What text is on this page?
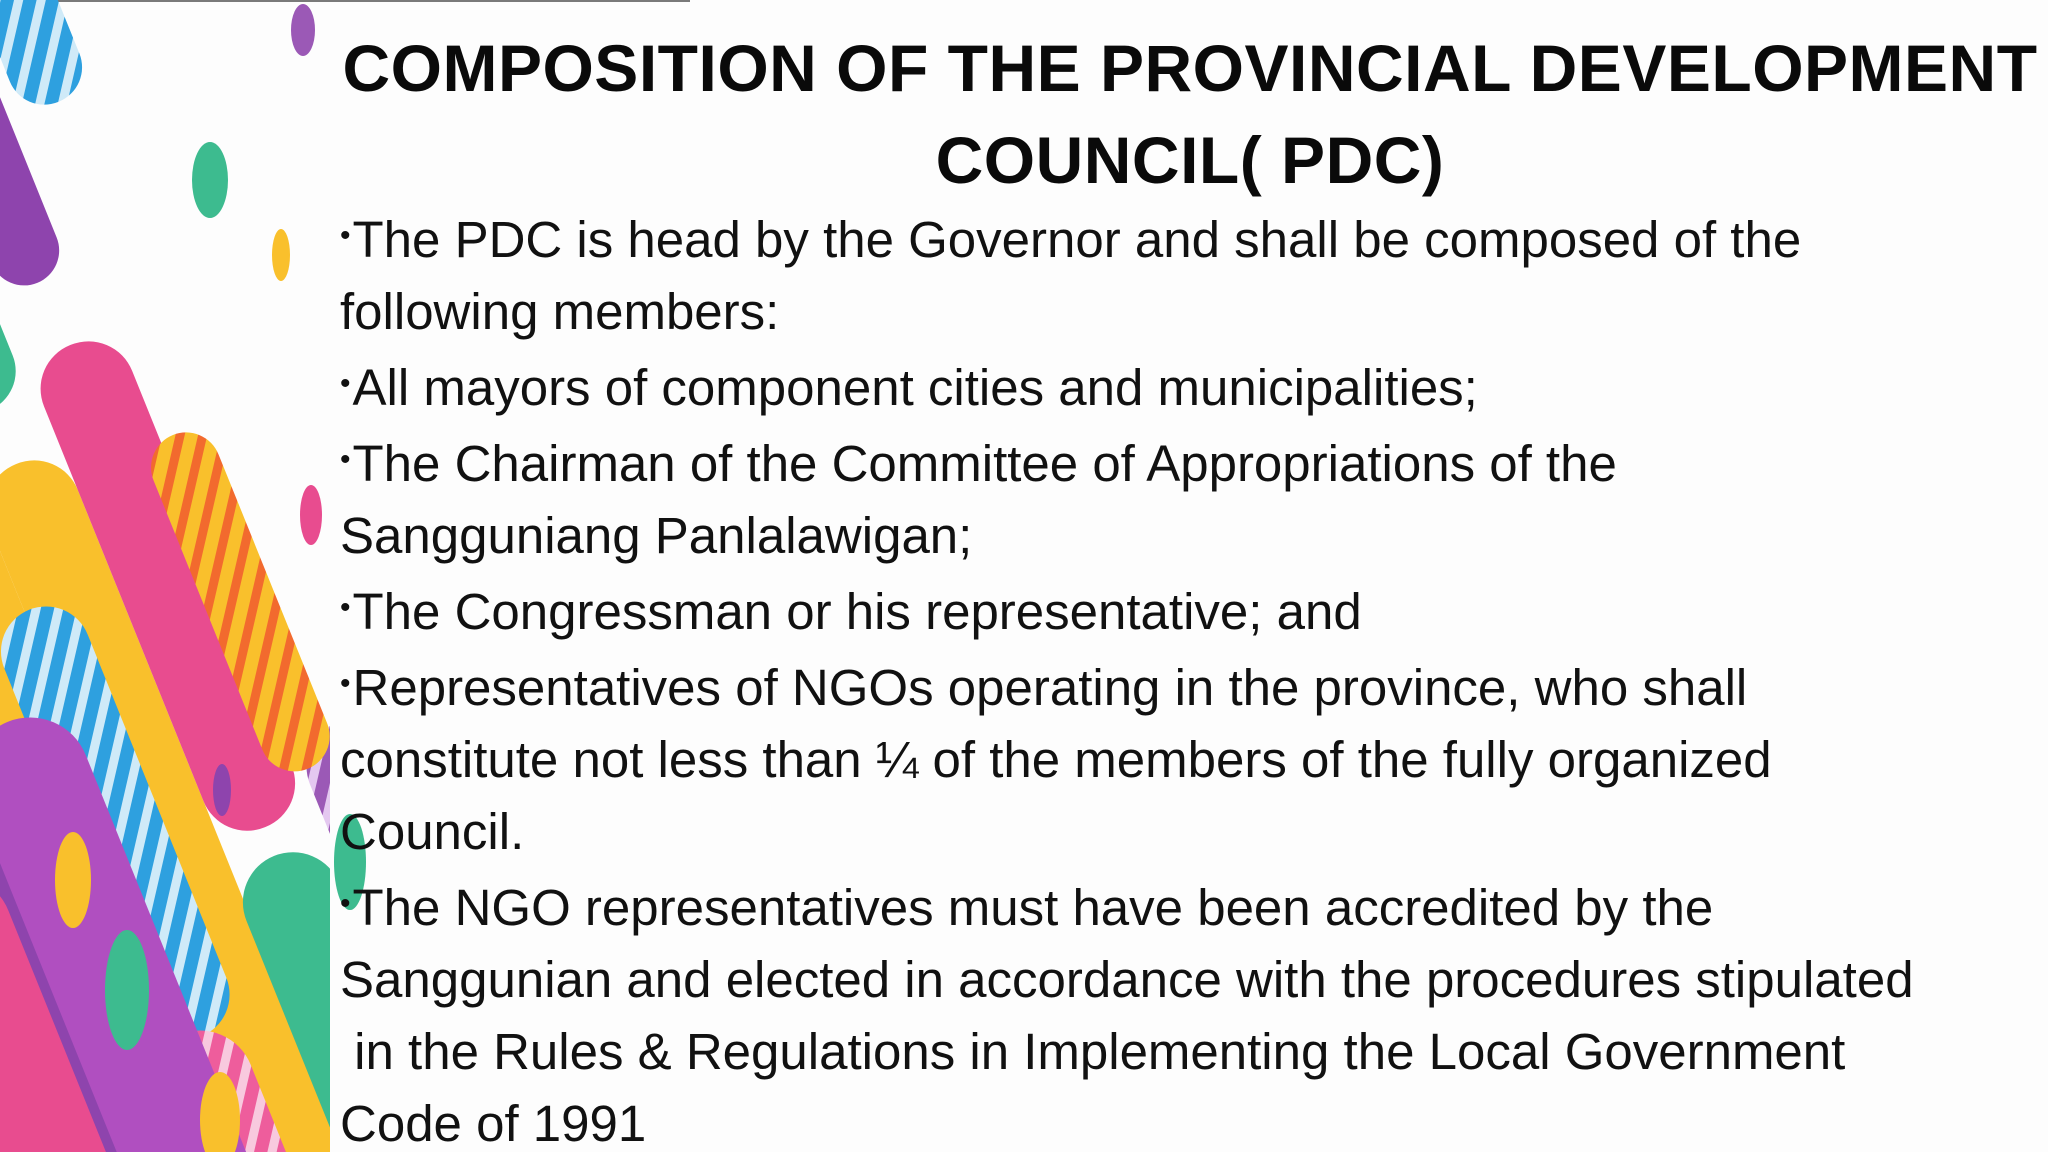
COMPOSITION OF THE PROVINCIAL DEVELOPMENT
COUNCIL( PDC)
•The PDC is head by the Governor and shall be composed of the
following members:
•All mayors of component cities and municipalities;
•The Chairman of the Committee of Appropriations of the
Sangguniang Panlalawigan;
•The Congressman or his representative; and
•Representatives of NGOs operating in the province, who shall
constitute not less than ¼ of the members of the fully organized
Council.
•The NGO representatives must have been accredited by the
Sanggunian and elected in accordance with the procedures stipulated
in the Rules & Regulations in Implementing the Local Government
Code of 1991
